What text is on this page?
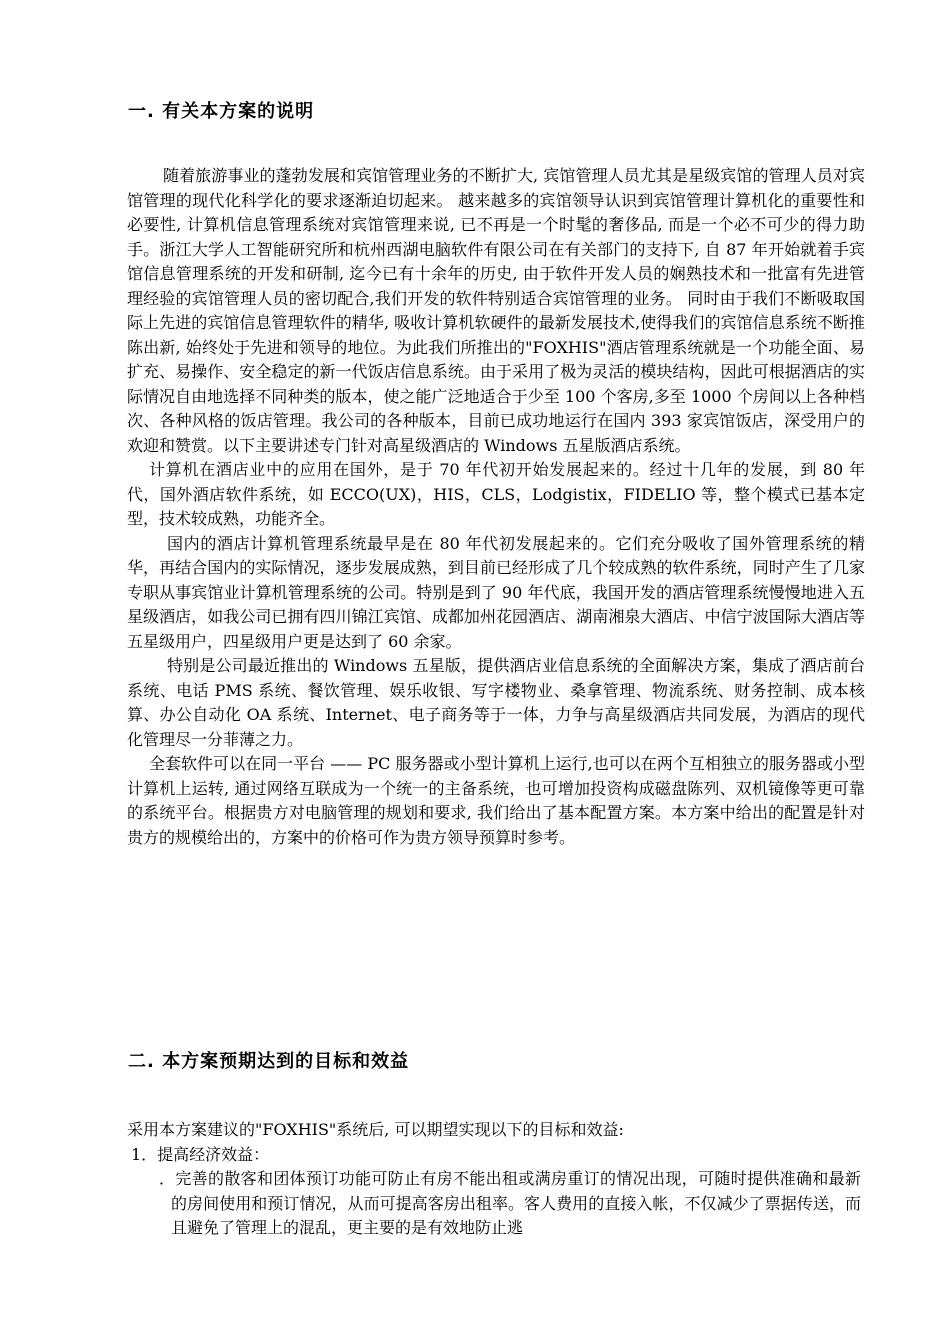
一. 有关本方案的说明

随着旅游事业的蓬勃发展和宾馆管理业务的不断扩大, 宾馆管理人员尤其是星级宾馆的管理人员对宾馆管理的现代化科学化的要求逐渐迫切起来。 越来越多的宾馆领导认识到宾馆管理计算机化的重要性和必要性, 计算机信息管理系统对宾馆管理来说, 已不再是一个时髦的奢侈品, 而是一个必不可少的得力助手。浙江大学人工智能研究所和杭州西湖电脑软件有限公司在有关部门的支持下, 自 87 年开始就着手宾馆信息管理系统的开发和研制, 迄今已有十余年的历史, 由于软件开发人员的娴熟技术和一批富有先进管理经验的宾馆管理人员的密切配合,我们开发的软件特别适合宾馆管理的业务。 同时由于我们不断吸取国际上先进的宾馆信息管理软件的精华, 吸收计算机软硬件的最新发展技术,使得我们的宾馆信息系统不断推陈出新, 始终处于先进和领导的地位。为此我们所推出的"FOXHIS"酒店管理系统就是一个功能全面、易扩充、易操作、安全稳定的新一代饭店信息系统。由于采用了极为灵活的模块结构，因此可根据酒店的实际情况自由地选择不同种类的版本，使之能广泛地适合于少至 100 个客房,多至 1000 个房间以上各种档次、各种风格的饭店管理。我公司的各种版本，目前已成功地运行在国内 393 家宾馆饭店，深受用户的欢迎和赞赏。以下主要讲述专门针对高星级酒店的 Windows 五星版酒店系统。

计算机在酒店业中的应用在国外，是于 70 年代初开始发展起来的。经过十几年的发展，到 80 年代，国外酒店软件系统，如 ECCO(UX)，HIS，CLS，Lodgistix，FIDELIO 等，整个模式已基本定型，技术较成熟，功能齐全。

国内的酒店计算机管理系统最早是在 80 年代初发展起来的。它们充分吸收了国外管理系统的精华，再结合国内的实际情况，逐步发展成熟，到目前已经形成了几个较成熟的软件系统，同时产生了几家专职从事宾馆业计算机管理系统的公司。特别是到了 90 年代底，我国开发的酒店管理系统慢慢地进入五星级酒店，如我公司已拥有四川锦江宾馆、成都加州花园酒店、湖南湘泉大酒店、中信宁波国际大酒店等五星级用户，四星级用户更是达到了 60 余家。

特别是公司最近推出的 Windows 五星版，提供酒店业信息系统的全面解决方案，集成了酒店前台系统、电话 PMS 系统、餐饮管理、娱乐收银、写字楼物业、桑拿管理、物流系统、财务控制、成本核算、办公自动化 OA 系统、Internet、电子商务等于一体，力争与高星级酒店共同发展，为酒店的现代化管理尽一分菲薄之力。

全套软件可以在同一平台 —— PC 服务器或小型计算机上运行,也可以在两个互相独立的服务器或小型计算机上运转, 通过网络互联成为一个统一的主备系统，也可增加投资构成磁盘陈列、双机镜像等更可靠的系统平台。根据贵方对电脑管理的规划和要求, 我们给出了基本配置方案。本方案中给出的配置是针对贵方的规模给出的，方案中的价格可作为贵方领导预算时参考。

二. 本方案预期达到的目标和效益

采用本方案建议的"FOXHIS"系统后, 可以期望实现以下的目标和效益:

1．提高经济效益：

．完善的散客和团体预订功能可防止有房不能出租或满房重订的情况出现，可随时提供准确和最新的房间使用和预订情况，从而可提高客房出租率。客人费用的直接入帐，不仅减少了票据传送，而且避免了管理上的混乱，更主要的是有效地防止逃
